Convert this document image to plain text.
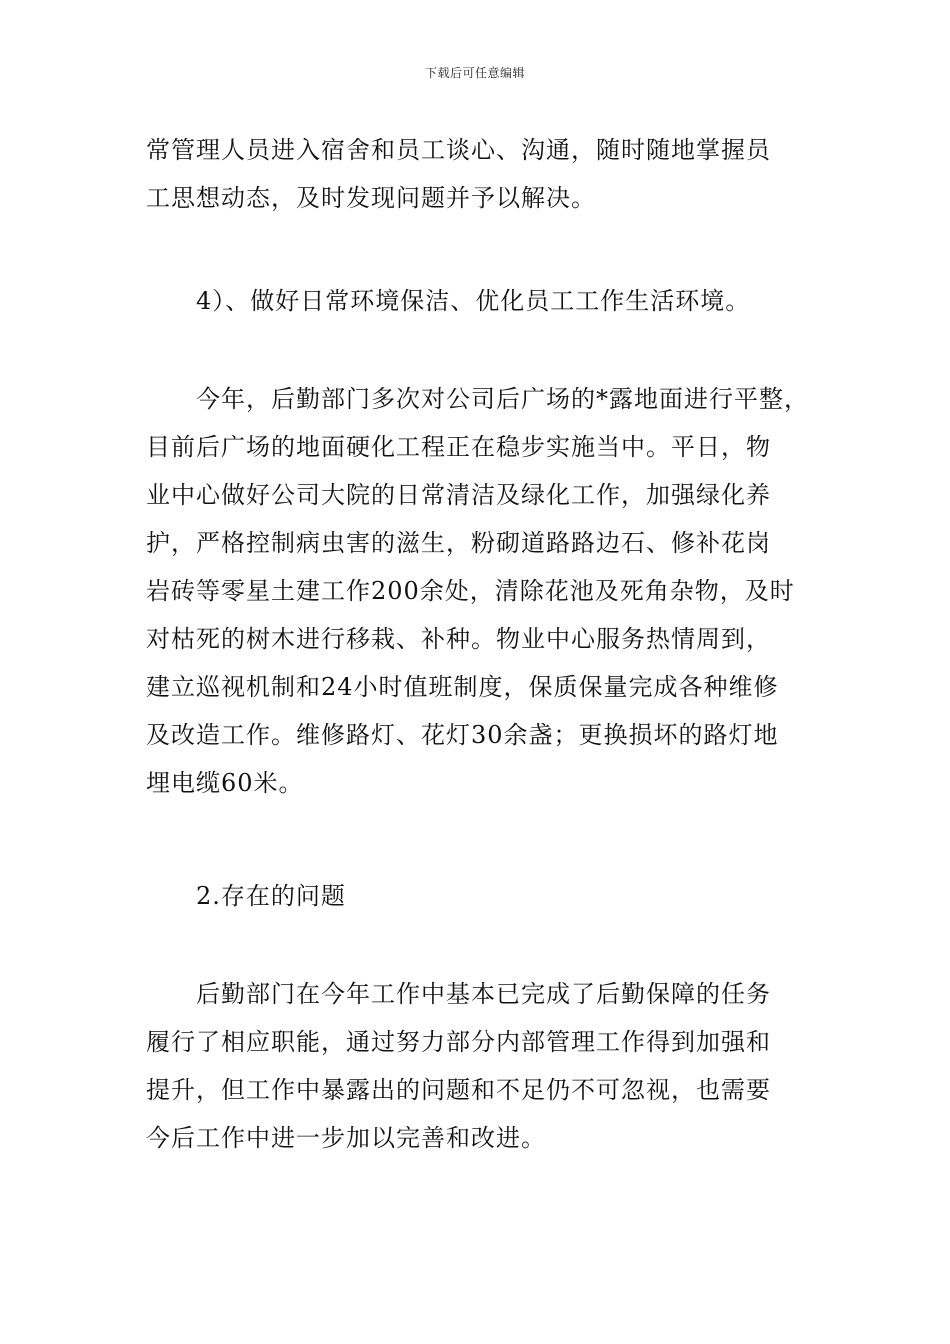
下载后可任意编辑

常管理人员进入宿舍和员工谈心、沟通，随时随地掌握员
工思想动态，及时发现问题并予以解决。

4）、做好日常环境保洁、优化员工工作生活环境。

今年，后勤部门多次对公司后广场的*露地面进行平整，
目前后广场的地面硬化工程正在稳步实施当中。平日，物
业中心做好公司大院的日常清洁及绿化工作，加强绿化养
护，严格控制病虫害的滋生，粉砌道路路边石、修补花岗
岩砖等零星土建工作200余处，清除花池及死角杂物，及时
对枯死的树木进行移栽、补种。物业中心服务热情周到，
建立巡视机制和24小时值班制度，保质保量完成各种维修
及改造工作。维修路灯、花灯30余盏；更换损坏的路灯地
埋电缆60米。

2.存在的问题

后勤部门在今年工作中基本已完成了后勤保障的任务
履行了相应职能，通过努力部分内部管理工作得到加强和
提升，但工作中暴露出的问题和不足仍不可忽视，也需要
今后工作中进一步加以完善和改进。
